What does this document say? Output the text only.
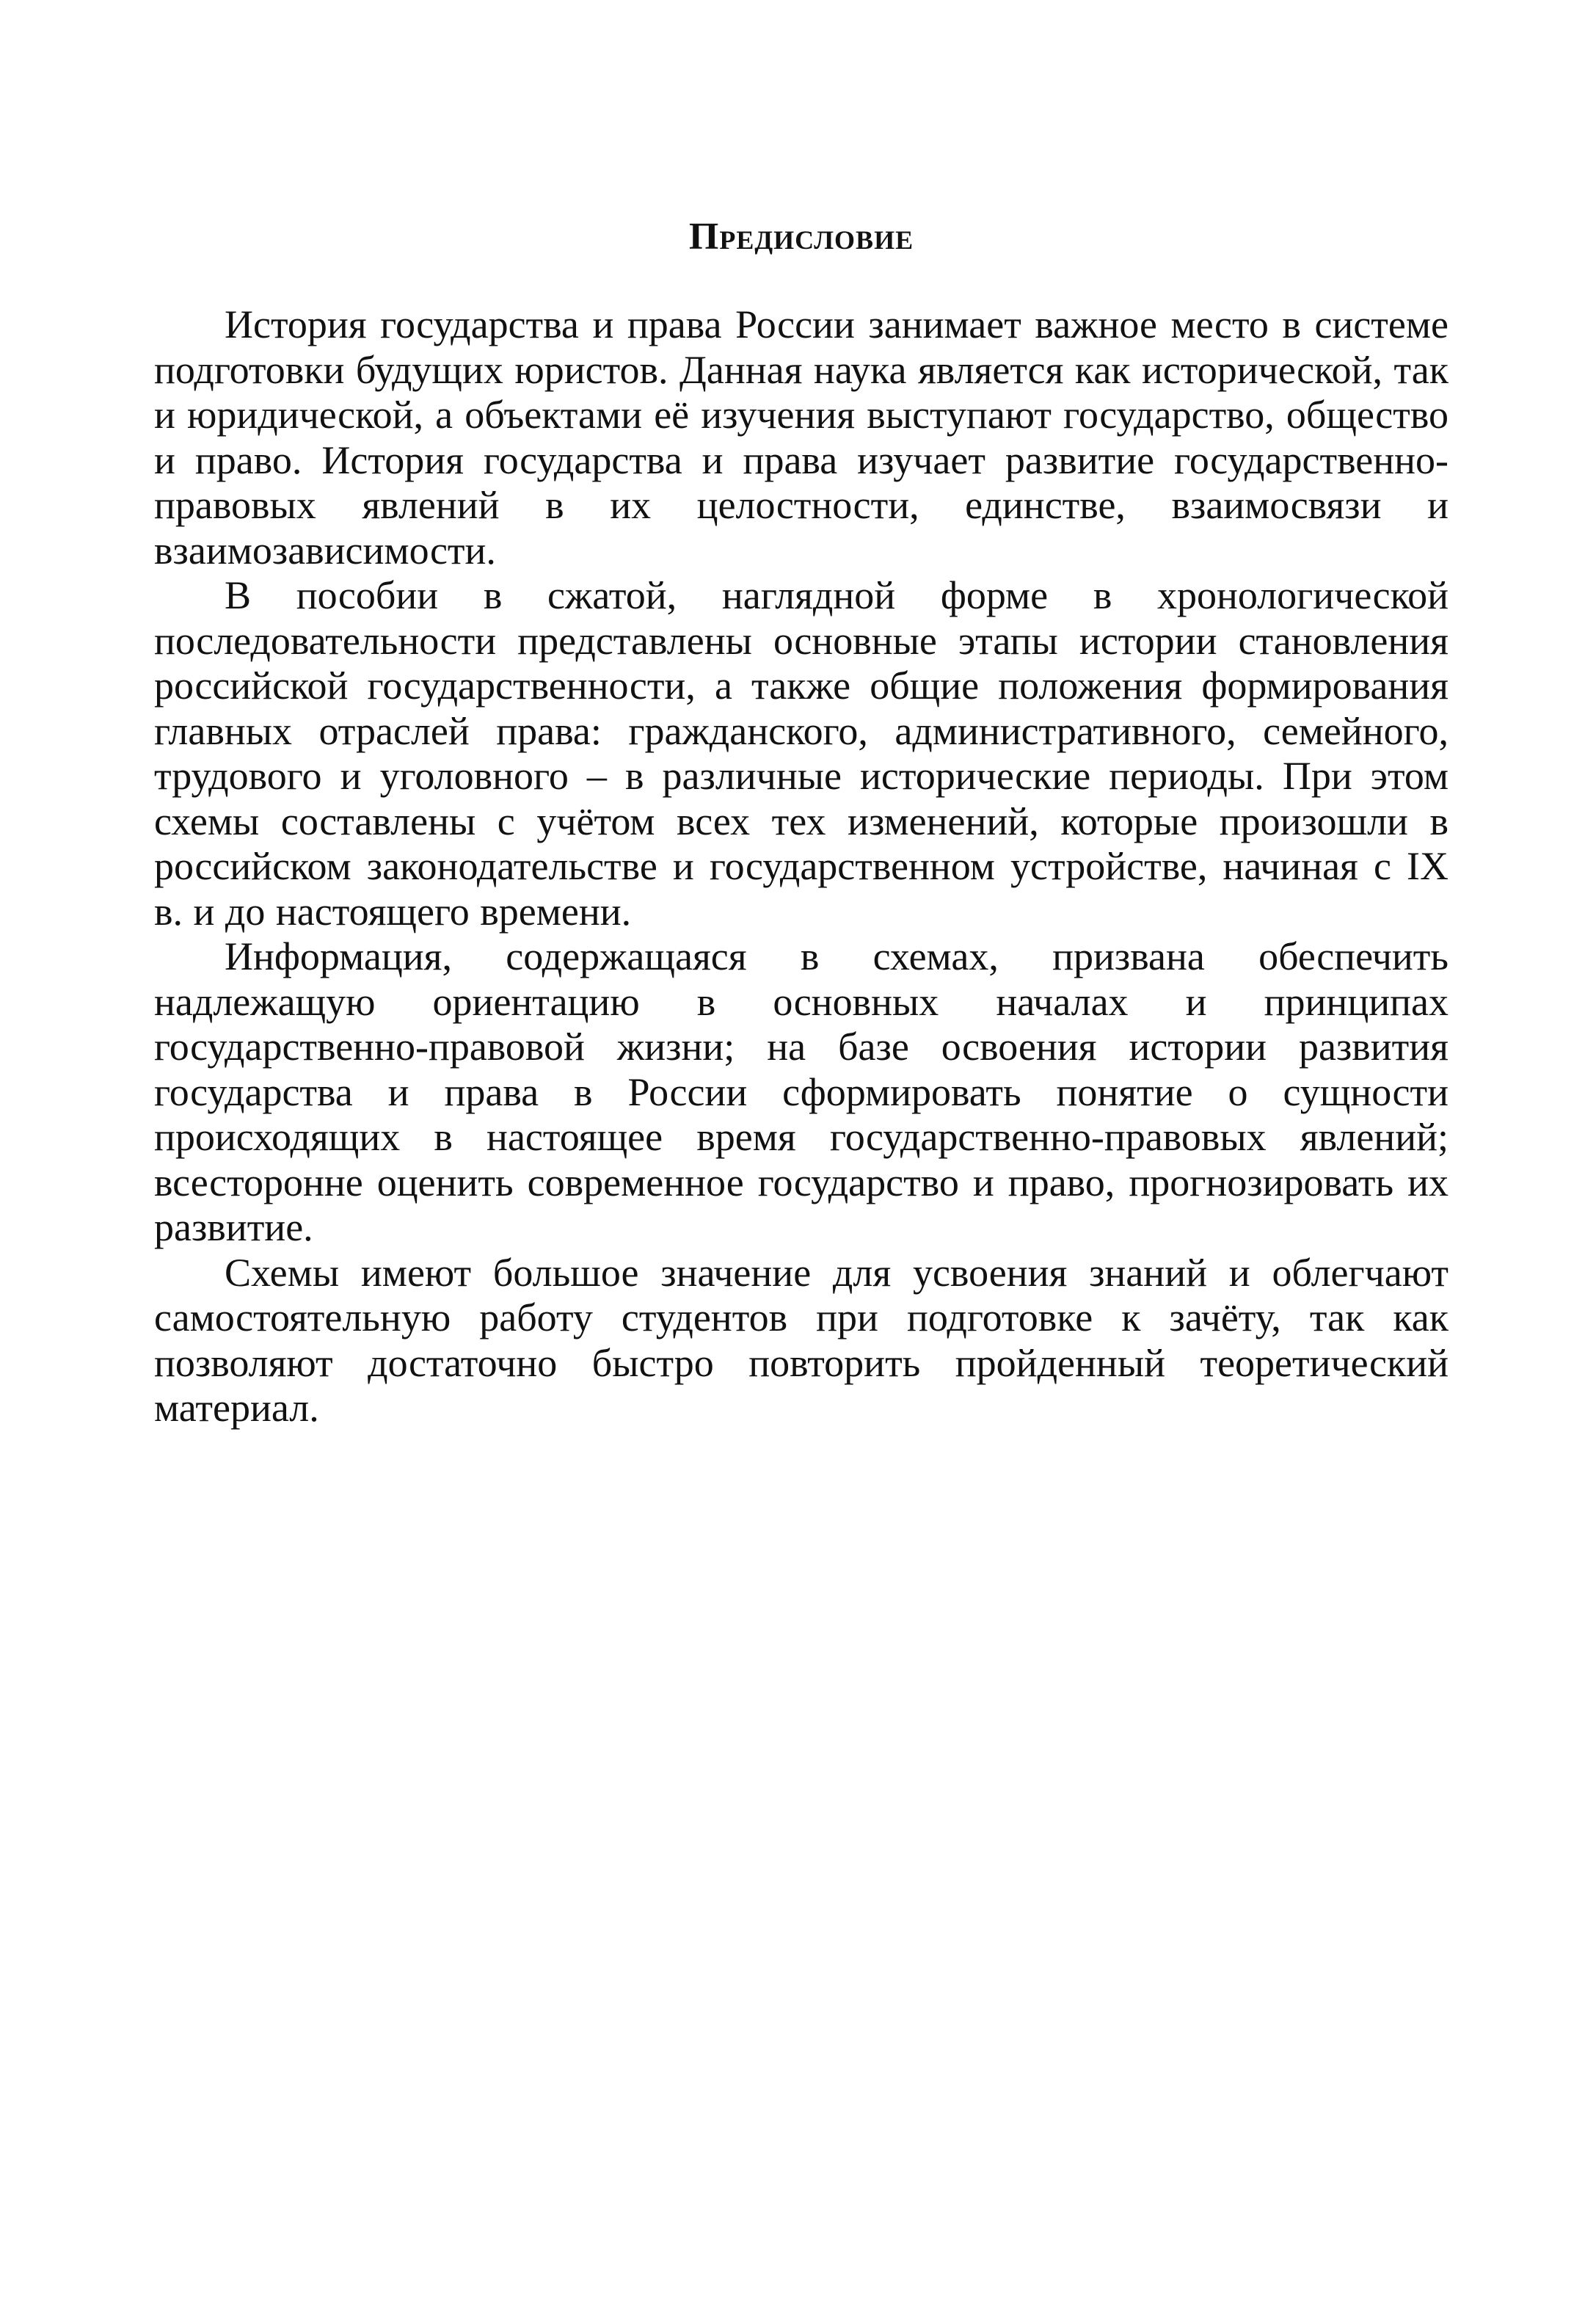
Предисловие

История государства и права России занимает важное место в системе подготовки будущих юристов. Данная наука является как исторической, так и юридической, а объектами её изучения выступают государство, общество и право. История государства и права изучает развитие государственно-правовых явлений в их целостности, единстве, взаимосвязи и взаимозависимости.

В пособии в сжатой, наглядной форме в хронологической последовательности представлены основные этапы истории становления российской государственности, а также общие положения формирования главных отраслей права: гражданского, административного, семейного, трудового и уголовного – в различные исторические периоды. При этом схемы составлены с учётом всех тех изменений, которые произошли в российском законодательстве и государственном устройстве, начиная с IX в. и до настоящего времени.

Информация, содержащаяся в схемах, призвана обеспечить надлежащую ориентацию в основных началах и принципах государственно-правовой жизни; на базе освоения истории развития государства и права в России сформировать понятие о сущности происходящих в настоящее время государственно-правовых явлений; всесторонне оценить современное государство и право, прогнозировать их развитие.

Схемы имеют большое значение для усвоения знаний и облегчают самостоятельную работу студентов при подготовке к зачёту, так как позволяют достаточно быстро повторить пройденный теоретический материал.
